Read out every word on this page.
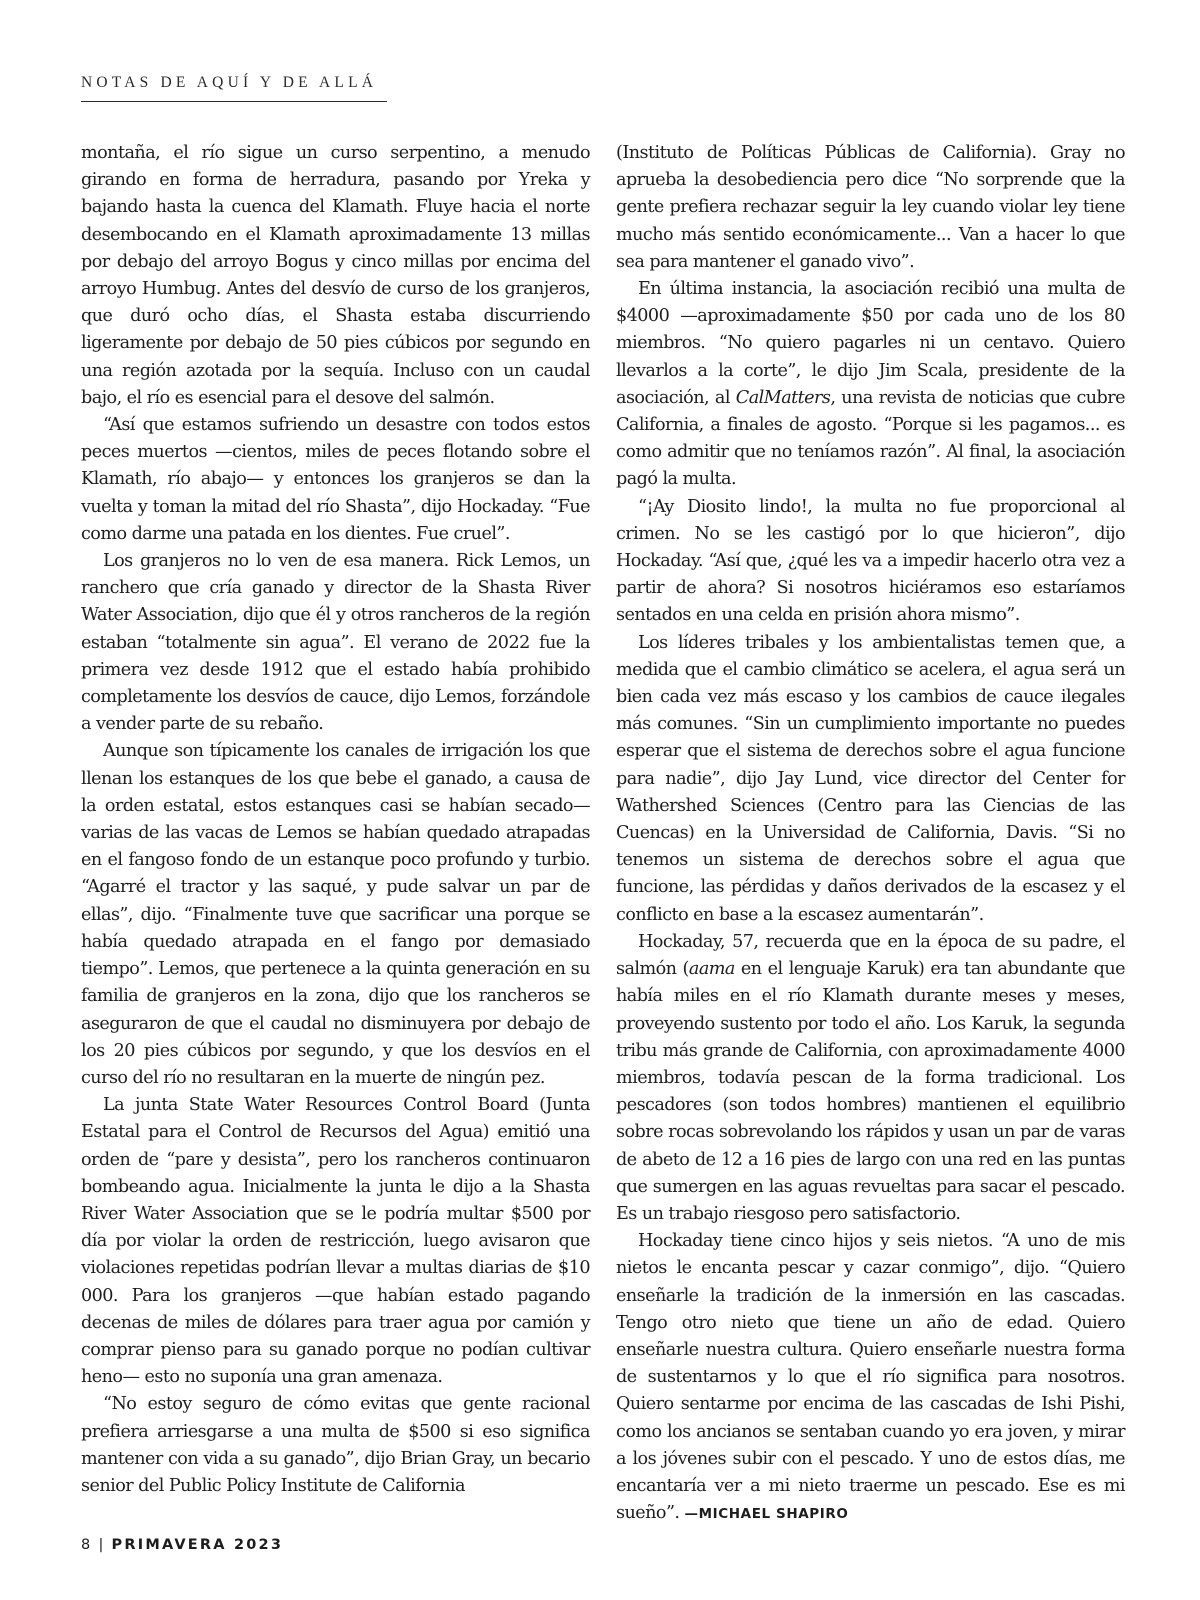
NOTAS DE AQUÍ Y DE ALLÁ

montaña, el río sigue un curso serpentino, a menudo girando en forma de herradura, pasando por Yreka y bajando hasta la cuenca del Klamath. Fluye hacia el norte desembocando en el Klamath aproximadamente 13 millas por debajo del arroyo Bogus y cinco millas por encima del arroyo Humbug. Antes del desvío de curso de los granjeros, que duró ocho días, el Shasta estaba discurriendo ligeramente por debajo de 50 pies cúbicos por segundo en una región azotada por la sequía. Incluso con un caudal bajo, el río es esencial para el desove del salmón.

“Así que estamos sufriendo un desastre con todos estos peces muertos —cientos, miles de peces flotando sobre el Klamath, río abajo— y entonces los granjeros se dan la vuelta y toman la mitad del río Shasta”, dijo Hockaday. “Fue como darme una patada en los dientes. Fue cruel”.

Los granjeros no lo ven de esa manera. Rick Lemos, un ranchero que cría ganado y director de la Shasta River Water Association, dijo que él y otros rancheros de la región estaban “totalmente sin agua”. El verano de 2022 fue la primera vez desde 1912 que el estado había prohibido completamente los desvíos de cauce, dijo Lemos, forzándole a vender parte de su rebaño.

Aunque son típicamente los canales de irrigación los que llenan los estanques de los que bebe el ganado, a causa de la orden estatal, estos estanques casi se habían secado— varias de las vacas de Lemos se habían quedado atrapadas en el fangoso fondo de un estanque poco profundo y turbio. “Agarré el tractor y las saqué, y pude salvar un par de ellas”, dijo. “Finalmente tuve que sacrificar una porque se había quedado atrapada en el fango por demasiado tiempo”. Lemos, que pertenece a la quinta generación en su familia de granjeros en la zona, dijo que los rancheros se aseguraron de que el caudal no disminuyera por debajo de los 20 pies cúbicos por segundo, y que los desvíos en el curso del río no resultaran en la muerte de ningún pez.

La junta State Water Resources Control Board (Junta Estatal para el Control de Recursos del Agua) emitió una orden de “pare y desista”, pero los rancheros continuaron bombeando agua. Inicialmente la junta le dijo a la Shasta River Water Association que se le podría multar $500 por día por violar la orden de restricción, luego avisaron que violaciones repetidas podrían llevar a multas diarias de $10 000. Para los granjeros —que habían estado pagando decenas de miles de dólares para traer agua por camión y comprar pienso para su ganado porque no podían cultivar heno— esto no suponía una gran amenaza.

“No estoy seguro de cómo evitas que gente racional prefiera arriesgarse a una multa de $500 si eso significa mantener con vida a su ganado”, dijo Brian Gray, un becario senior del Public Policy Institute de California

(Instituto de Políticas Públicas de California). Gray no aprueba la desobediencia pero dice “No sorprende que la gente prefiera rechazar seguir la ley cuando violar ley tiene mucho más sentido económicamente... Van a hacer lo que sea para mantener el ganado vivo”.

En última instancia, la asociación recibió una multa de $4000 —aproximadamente $50 por cada uno de los 80 miembros. “No quiero pagarles ni un centavo. Quiero llevarlos a la corte”, le dijo Jim Scala, presidente de la asociación, al CalMatters, una revista de noticias que cubre California, a finales de agosto. “Porque si les pagamos... es como admitir que no teníamos razón”. Al final, la asociación pagó la multa.

“¡Ay Diosito lindo!, la multa no fue proporcional al crimen. No se les castigó por lo que hicieron”, dijo Hockaday. “Así que, ¿qué les va a impedir hacerlo otra vez a partir de ahora? Si nosotros hiciéramos eso estaríamos sentados en una celda en prisión ahora mismo”.

Los líderes tribales y los ambientalistas temen que, a medida que el cambio climático se acelera, el agua será un bien cada vez más escaso y los cambios de cauce ilegales más comunes. “Sin un cumplimiento importante no puedes esperar que el sistema de derechos sobre el agua funcione para nadie”, dijo Jay Lund, vice director del Center for Wathershed Sciences (Centro para las Ciencias de las Cuencas) en la Universidad de California, Davis. “Si no tenemos un sistema de derechos sobre el agua que funcione, las pérdidas y daños derivados de la escasez y el conflicto en base a la escasez aumentarán”.

Hockaday, 57, recuerda que en la época de su padre, el salmón (aama en el lenguaje Karuk) era tan abundante que había miles en el río Klamath durante meses y meses, proveyendo sustento por todo el año. Los Karuk, la segunda tribu más grande de California, con aproximadamente 4000 miembros, todavía pescan de la forma tradicional. Los pescadores (son todos hombres) mantienen el equilibrio sobre rocas sobrevolando los rápidos y usan un par de varas de abeto de 12 a 16 pies de largo con una red en las puntas que sumergen en las aguas revueltas para sacar el pescado. Es un trabajo riesgoso pero satisfactorio.

Hockaday tiene cinco hijos y seis nietos. “A uno de mis nietos le encanta pescar y cazar conmigo”, dijo. “Quiero enseñarle la tradición de la inmersión en las cascadas. Tengo otro nieto que tiene un año de edad. Quiero enseñarle nuestra cultura. Quiero enseñarle nuestra forma de sustentarnos y lo que el río significa para nosotros. Quiero sentarme por encima de las cascadas de Ishi Pishi, como los ancianos se sentaban cuando yo era joven, y mirar a los jóvenes subir con el pescado. Y uno de estos días, me encantaría ver a mi nieto traerme un pescado. Ese es mi sueño”. —MICHAEL SHAPIRO

8 | PRIMAVERA 2023
